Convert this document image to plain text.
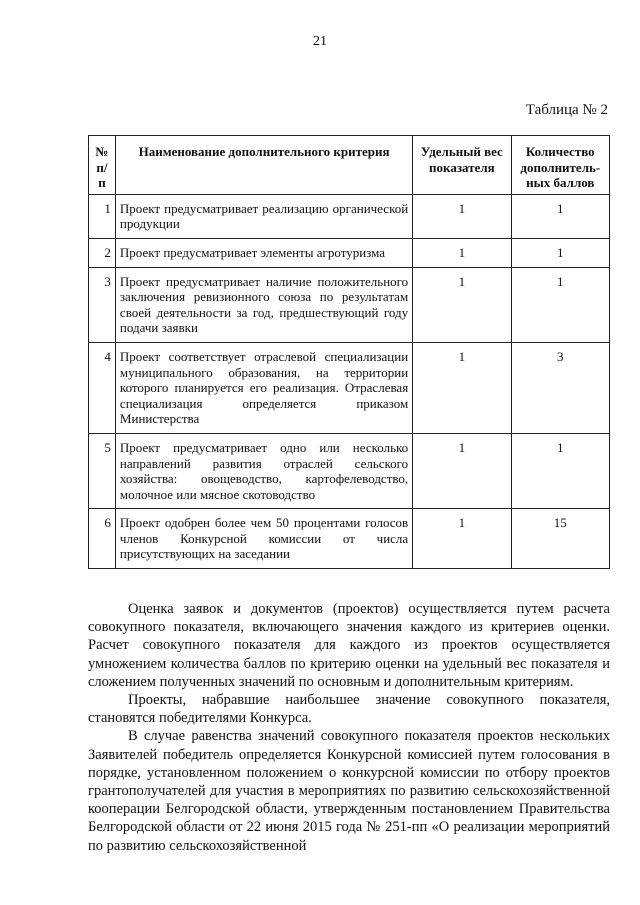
21
Таблица № 2
№ п/п	Наименование дополнительного критерия	Удельный вес показателя	Количество дополнитель-ных баллов
1	Проект предусматривает реализацию органической продукции	1	1
2	Проект предусматривает элементы агротуризма	1	1
3	Проект предусматривает наличие положительного заключения ревизионного союза по результатам своей деятельности за год, предшествующий году подачи заявки	1	1
4	Проект соответствует отраслевой специализации муниципального образования, на территории которого планируется его реализация. Отраслевая специализация определяется приказом Министерства	1	3
5	Проект предусматривает одно или несколько направлений развития отраслей сельского хозяйства: овощеводство, картофелеводство, молочное или мясное скотоводство	1	1
6	Проект одобрен более чем 50 процентами голосов членов Конкурсной комиссии от числа присутствующих на заседании	1	15

Оценка заявок и документов (проектов) осуществляется путем расчета совокупного показателя, включающего значения каждого из критериев оценки. Расчет совокупного показателя для каждого из проектов осуществляется умножением количества баллов по критерию оценки на удельный вес показателя и сложением полученных значений по основным и дополнительным критериям.

Проекты, набравшие наибольшее значение совокупного показателя, становятся победителями Конкурса.

В случае равенства значений совокупного показателя проектов нескольких Заявителей победитель определяется Конкурсной комиссией путем голосования в порядке, установленном положением о конкурсной комиссии по отбору проектов грантополучателей для участия в мероприятиях по развитию сельскохозяйственной кооперации Белгородской области, утвержденным постановлением Правительства Белгородской области от 22 июня 2015 года № 251-пп «О реализации мероприятий по развитию сельскохозяйственной
